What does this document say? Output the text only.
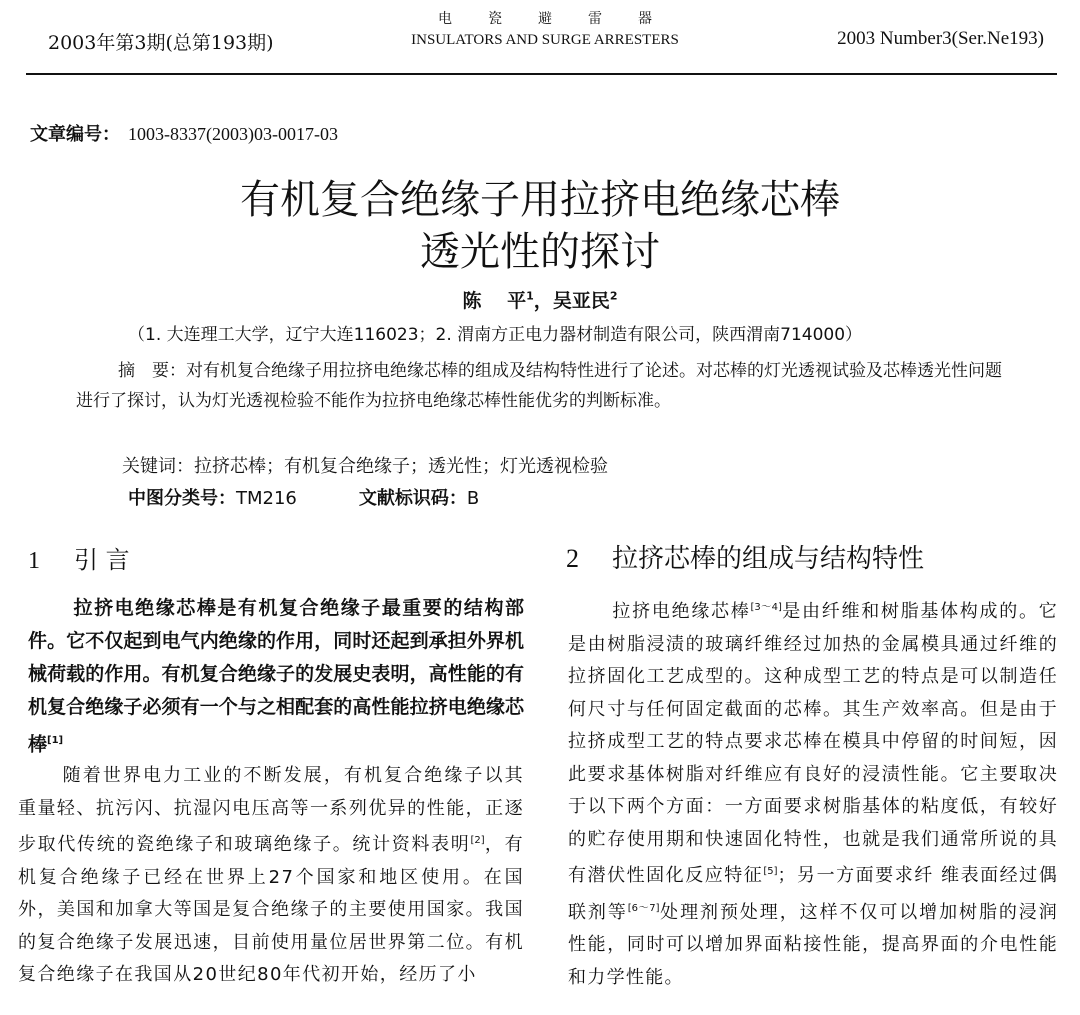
2003年第3期(总第193期)
电瓷避雷器
INSULATORS AND SURGE ARRESTERS	2003 Number3(Ser.Ne193)
文章编号： 1003-8337(2003)03-0017-03
有机复合绝缘子用拉挤电绝缘芯棒
透光性的探讨
陈　 平$^1$，吴亚民$^2$
（1. 大连理工大学，辽宁大连116023；2. 渭南方正电力器材制造有限公司，陕西渭南714000）
摘　要：对有机复合绝缘子用拉挤电绝缘芯棒的组成及结构特性进行了论述。对芯棒的灯光透视试验及芯棒透光性问题进行了探讨，认为灯光透视检验不能作为拉挤电绝缘芯棒性能优劣的判断标准。
关键词：拉挤芯棒；有机复合绝缘子；透光性；灯光透视检验
中图分类号：TM216	文献标识码：B
1 引 言	2 拉挤芯棒的组成与结构特性
拉挤电绝缘芯棒是有机复合绝缘子最重要的结构部件。它不仅起到电气内绝缘的作用，同时还起到承担外界机械荷载的作用。有机复合绝缘子的发展史表明，高性能的有机复合绝缘子必须有一个与之相配套的高性能拉挤电绝缘芯棒[1]
随着世界电力工业的不断发展，有机复合绝缘子以其重量轻、抗污闪、抗湿闪电压高等一系列优异的性能，正逐步取代传统的瓷绝缘子和玻璃绝缘子。统计资料表明[2]，有机复合绝缘子已经在世界上27个国家和地区使用。在国外，美国和加拿大等国是复合绝缘子的主要使用国家。我国的复合绝缘子发展迅速，目前使用量位居世界第二位。有机复合绝缘子在我国从20世纪80年代初开始，经历了小
拉挤电绝缘芯棒[3～4]是由纤维和树脂基体构成的。它是由树脂浸渍的玻璃纤维经过加热的金属模具通过纤维的拉挤固化工艺成型的。这种成型工艺的特点是可以制造任何尺寸与任何固定截面的芯棒。其生产效率高。但是由于拉挤成型工艺的特点要求芯棒在模具中停留的时间短，因此要求基体树脂对纤维应有良好的浸渍性能。它主要取决于以下两个方面：一方面要求树脂基体的粘度低，有较好的贮存使用期和快速固化特性，也就是我们通常所说的具有潜伏性固化反应特征[5]；另一方面要求纤 维表面经过偶联剂等[6～7]处理剂预处理，这样不仅可以增加树脂的浸润性能，同时可以增加界面粘接性能，提高界面的介电性能和力学性能。
